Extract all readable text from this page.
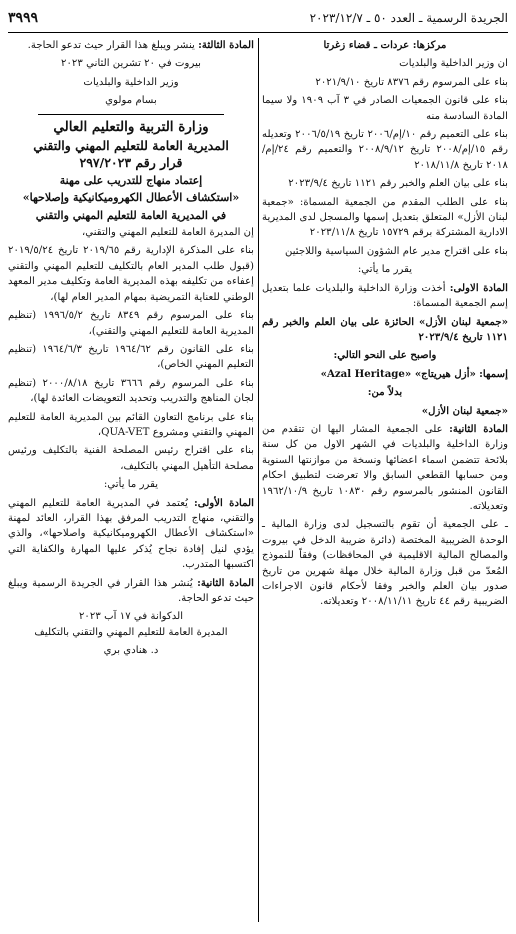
الجريدة الرسمية ـ العدد ٥٠ ـ ٢٠٢٣/١٢/٧
٣٩٩٩

مركزها: عردات ـ قضاء زغرتا

ان وزير الداخلية والبلديات

بناء على المرسوم رقم ٨٣٧٦ تاريخ ٢٠٢١/٩/١٠

بناء على قانون الجمعيات الصادر في ٣ آب ١٩٠٩ ولا سيما المادة السادسة منه

بناء على التعميم رقم ١٠/إم/٢٠٠٦ تاريخ ٢٠٠٦/٥/١٩ وتعديله رقم ١٥/إم/٢٠٠٨ تاريخ ٢٠٠٨/٩/١٢ والتعميم رقم ٢٤/إم/٢٠١٨ تاريخ ٢٠١٨/١١/٨

بناء على بيان العلم والخبر رقم ١١٢١ تاريخ ٢٠٢٣/٩/٤

بناء على الطلب المقدم من الجمعية المسماة: «جمعية لبنان الأزل» المتعلق بتعديل إسمها والمسجل لدى المديرية الادارية المشتركة برقم ١٥٧٢٩ تاريخ ٢٠٢٣/١١/٨

بناء على اقتراح مدير عام الشؤون السياسية واللاجئين

يقرر ما يأتي:

المادة الاولى: أخذت وزارة الداخلية والبلديات علما بتعديل إسم الجمعية المسماة:

«جمعية لبنان الأزل» الحائزة على بيان العلم والخبر رقم ١١٢١ تاريخ ٢٠٢٣/٩/٤

واصبح على النحو التالي:

إسمها: «أزل هيريتاج» «Azal Heritage»

بدلاً من:

«جمعية لبنان الأزل»

المادة الثانية: على الجمعية المشار اليها ان تتقدم من وزارة الداخلية والبلديات في الشهر الاول من كل سنة بلائحة تتضمن اسماء اعضائها ونسخة من موازنتها السنوية ومن حسابها القطعي السابق والا تعرضت لتطبيق احكام القانون المنشور بالمرسوم رقم ١٠٨٣٠ تاريخ ١٩٦٢/١٠/٩ وتعديلاته.

ـ على الجمعية أن تقوم بالتسجيل لدى وزارة المالية ـ الوحدة الضريبية المختصة (دائرة ضريبة الدخل في بيروت والمصالح المالية الاقليمية في المحافظات) وفقاً للنموذج المُعدّ من قبل وزارة المالية خلال مهلة شهرين من تاريخ صدور بيان العلم والخبر وفقا لأحكام قانون الاجراءات الضريبية رقم ٤٤ تاريخ ٢٠٠٨/١١/١١ وتعديلاته.

المادة الثالثة: ينشر ويبلغ هذا القرار حيث تدعو الحاجة.

بيروت في ٢٠ تشرين الثاني ٢٠٢٣

وزير الداخلية والبلديات

بسام مولوي

وزارة التربية والتعليم العالي

المديرية العامة للتعليم المهني والتقني

قرار رقم ٢٩٧/٢٠٢٣

إعتماد منهاج للتدريب على مهنة

«استكشاف الأعطال الكهروميكانيكية وإصلاحها»

في المديرية العامة للتعليم المهني والتقني

إن المديرة العامة للتعليم المهني والتقني،

بناء على المذكرة الإدارية رقم ٢٠١٩/٦٥ تاريخ ٢٠١٩/٥/٢٤ (قبول طلب المدير العام بالتكليف للتعليم المهني والتقني إعفاءه من تكليفه بهذه المديرية العامة وتكليف مدير المعهد الوطني للعناية التمريضية بمهام المدير العام لها)،

بناء على المرسوم رقم ٨٣٤٩ تاريخ ١٩٩٦/٥/٢ (تنظيم المديرية العامة للتعليم المهني والتقني)،

بناء على القانون رقم ١٩٦٤/٦٢ تاريخ ١٩٦٤/٦/٣ (تنظيم التعليم المهني الخاص)،

بناء على المرسوم رقم ٣٦٦٦ تاريخ ٢٠٠٠/٨/١٨ (تنظيم لجان المناهج والتدريب وتحديد التعويضات العائدة لها)،

بناء على برنامج التعاون القائم بين المديرية العامة للتعليم المهني والتقني ومشروع QUA-VET،

بناء على اقتراح رئيس المصلحة الفنية بالتكليف ورئيس مصلحة التأهيل المهني بالتكليف،

يقرر ما يأتي:

المادة الأولى: يُعتمد في المديرية العامة للتعليم المهني والتقني، منهاج التدريب المرفق بهذا القرار، العائد لمهنة «استكشاف الأعطال الكهروميكانيكية واصلاحها»، والذي يؤدي لنيل إفادة نجاح يُذكر عليها المهارة والكفاية التي اكتسبها المتدرب.

المادة الثانية: يُنشر هذا القرار في الجريدة الرسمية ويبلغ حيث تدعو الحاجة.

الدكوانة في ١٧ آب ٢٠٢٣

المديرة العامة للتعليم المهني والتقني بالتكليف

د. هنادي بري
